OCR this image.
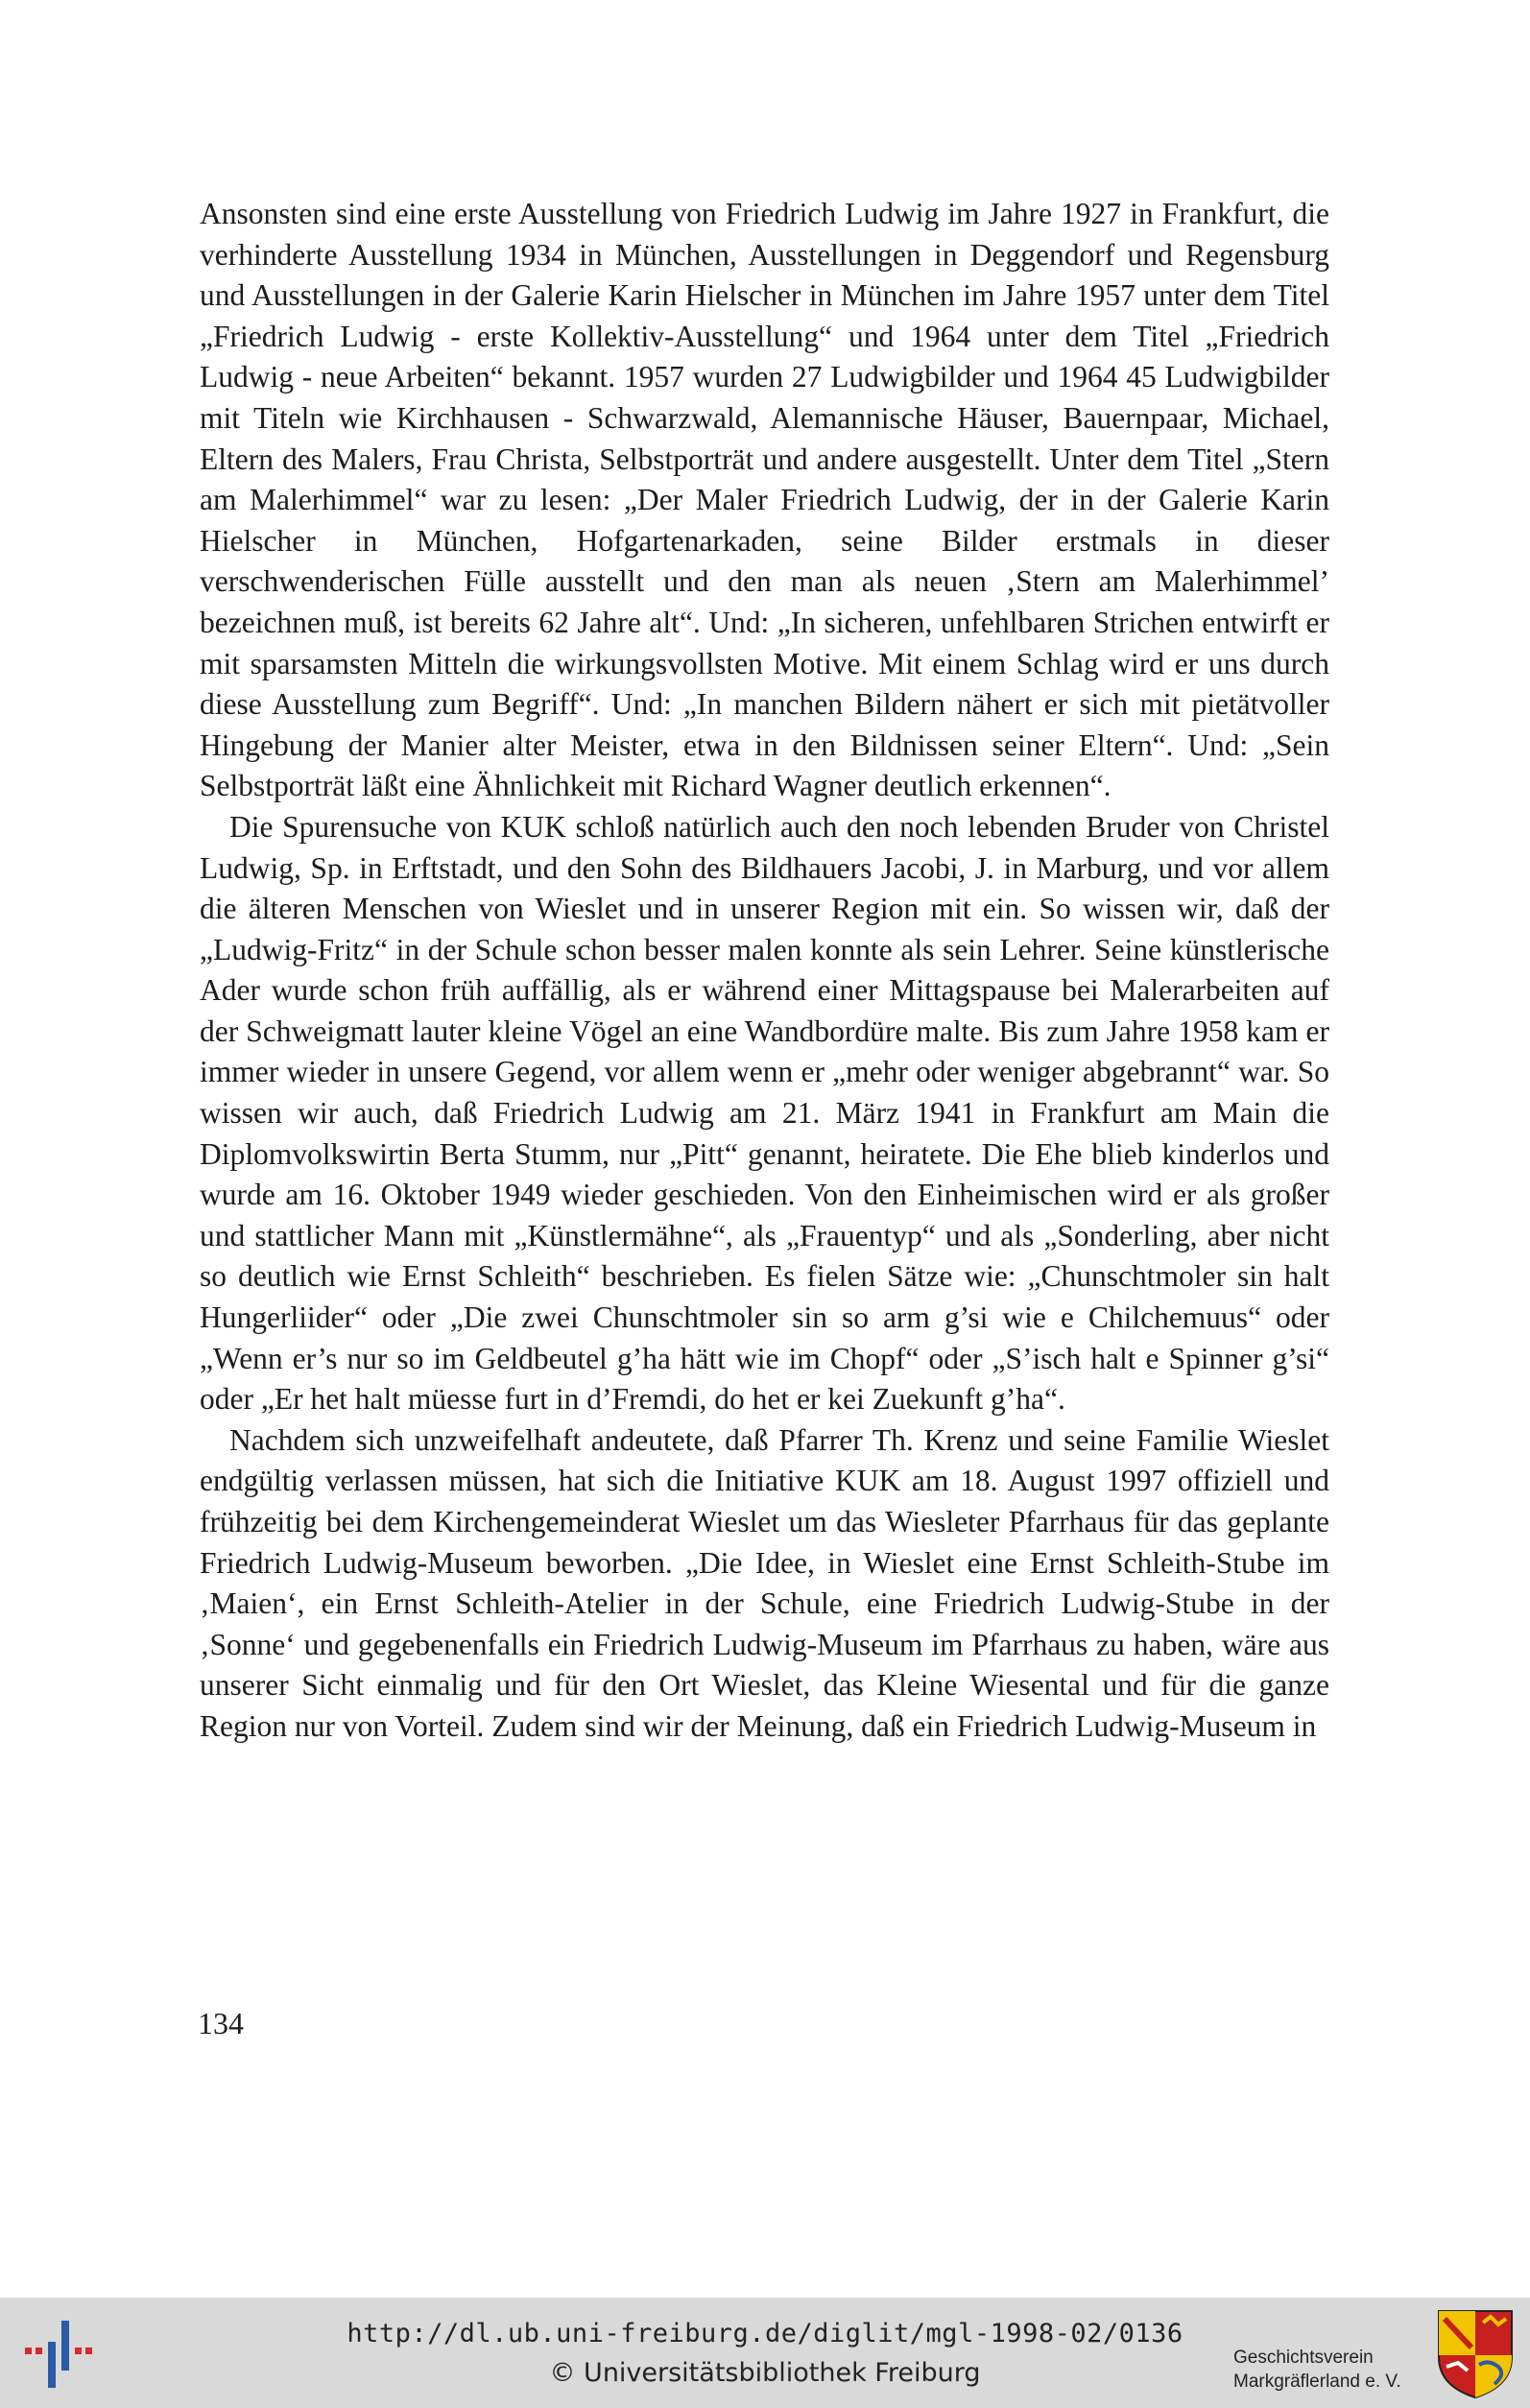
Ansonsten sind eine erste Ausstellung von Friedrich Ludwig im Jahre 1927 in Frankfurt, die verhinderte Ausstellung 1934 in München, Ausstellungen in Deggendorf und Regensburg und Ausstellungen in der Galerie Karin Hielscher in München im Jahre 1957 unter dem Titel „Friedrich Ludwig - erste Kollektiv-Ausstellung“ und 1964 unter dem Titel „Friedrich Ludwig - neue Arbeiten“ bekannt. 1957 wurden 27 Ludwigbilder und 1964 45 Ludwigbilder mit Titeln wie Kirchhausen - Schwarzwald, Alemannische Häuser, Bauernpaar, Michael, Eltern des Malers, Frau Christa, Selbstporträt und andere ausgestellt. Unter dem Titel „Stern am Malerhimmel“ war zu lesen: „Der Maler Friedrich Ludwig, der in der Galerie Karin Hielscher in München, Hofgartenarkaden, seine Bilder erstmals in dieser verschwenderischen Fülle ausstellt und den man als neuen ‚Stern am Malerhimmel’ bezeichnen muß, ist bereits 62 Jahre alt“. Und: „In sicheren, unfehlbaren Strichen entwirft er mit sparsamsten Mitteln die wirkungsvollsten Motive. Mit einem Schlag wird er uns durch diese Ausstellung zum Begriff“. Und: „In manchen Bildern nähert er sich mit pietätvoller Hingebung der Manier alter Meister, etwa in den Bildnissen seiner Eltern“. Und: „Sein Selbstporträt läßt eine Ähnlichkeit mit Richard Wagner deutlich erkennen“.

Die Spurensuche von KUK schloß natürlich auch den noch lebenden Bruder von Christel Ludwig, Sp. in Erftstadt, und den Sohn des Bildhauers Jacobi, J. in Marburg, und vor allem die älteren Menschen von Wieslet und in unserer Region mit ein. So wissen wir, daß der „Ludwig-Fritz“ in der Schule schon besser malen konnte als sein Lehrer. Seine künstlerische Ader wurde schon früh auffällig, als er während einer Mittagspause bei Malerarbeiten auf der Schweigmatt lauter kleine Vögel an eine Wandbordüre malte. Bis zum Jahre 1958 kam er immer wieder in unsere Gegend, vor allem wenn er „mehr oder weniger abgebrannt“ war. So wissen wir auch, daß Friedrich Ludwig am 21. März 1941 in Frankfurt am Main die Diplomvolkswirtin Berta Stumm, nur „Pitt“ genannt, heiratete. Die Ehe blieb kinderlos und wurde am 16. Oktober 1949 wieder geschieden. Von den Einheimischen wird er als großer und stattlicher Mann mit „Künstlermähne“, als „Frauentyp“ und als „Sonderling, aber nicht so deutlich wie Ernst Schleith“ beschrieben. Es fielen Sätze wie: „Chunschtmoler sin halt Hungerliider“ oder „Die zwei Chunschtmoler sin so arm g’si wie e Chilchemuus“ oder „Wenn er’s nur so im Geldbeutel g’ha hätt wie im Chopf“ oder „S’isch halt e Spinner g’si“ oder „Er het halt müesse furt in d’Fremdi, do het er kei Zuekunft g’ha“.

Nachdem sich unzweifelhaft andeutete, daß Pfarrer Th. Krenz und seine Familie Wieslet endgültig verlassen müssen, hat sich die Initiative KUK am 18. August 1997 offiziell und frühzeitig bei dem Kirchengemeinderat Wieslet um das Wiesleter Pfarrhaus für das geplante Friedrich Ludwig-Museum beworben. „Die Idee, in Wieslet eine Ernst Schleith-Stube im ‚Maien‘, ein Ernst Schleith-Atelier in der Schule, eine Friedrich Ludwig-Stube in der ‚Sonne‘ und gegebenenfalls ein Friedrich Ludwig-Museum im Pfarrhaus zu haben, wäre aus unserer Sicht einmalig und für den Ort Wieslet, das Kleine Wiesental und für die ganze Region nur von Vorteil. Zudem sind wir der Meinung, daß ein Friedrich Ludwig-Museum in

134
http://dl.ub.uni-freiburg.de/diglit/mgl-1998-02/0136
© Universitätsbibliothek Freiburg
Geschichtsverein
Markgräflerland e. V.
